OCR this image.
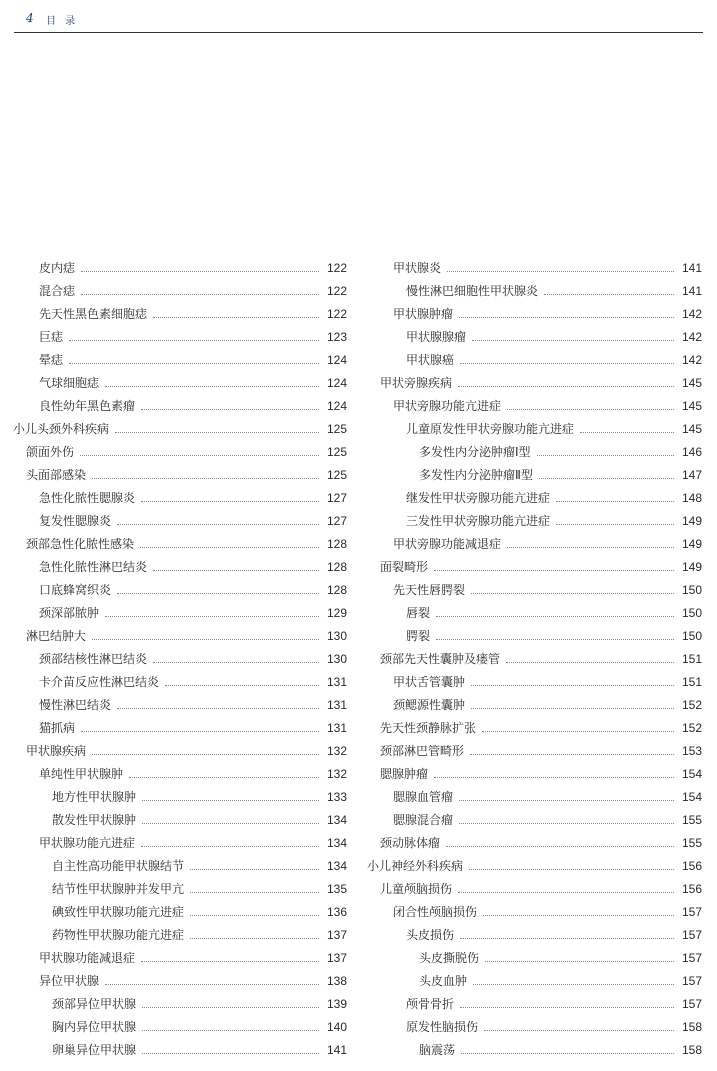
4 目 录
皮内痣	122
混合痣	122
先天性黑色素细胞痣	122
巨痣	123
晕痣	124
气球细胞痣	124
良性幼年黑色素瘤	124
小儿头颈外科疾病	125
颌面外伤	125
头面部感染	125
急性化脓性腮腺炎	127
复发性腮腺炎	127
颈部急性化脓性感染	128
急性化脓性淋巴结炎	128
口底蜂窝织炎	128
颈深部脓肿	129
淋巴结肿大	130
颈部结核性淋巴结炎	130
卡介苗反应性淋巴结炎	131
慢性淋巴结炎	131
猫抓病	131
甲状腺疾病	132
单纯性甲状腺肿	132
地方性甲状腺肿	133
散发性甲状腺肿	134
甲状腺功能亢进症	134
自主性高功能甲状腺结节	134
结节性甲状腺肿并发甲亢	135
碘致性甲状腺功能亢进症	136
药物性甲状腺功能亢进症	137
甲状腺功能减退症	137
异位甲状腺	138
颈部异位甲状腺	139
胸内异位甲状腺	140
卵巢异位甲状腺	141
甲状腺炎	141
慢性淋巴细胞性甲状腺炎	141
甲状腺肿瘤	142
甲状腺腺瘤	142
甲状腺癌	142
甲状旁腺疾病	145
甲状旁腺功能亢进症	145
儿童原发性甲状旁腺功能亢进症	145
多发性内分泌肿瘤Ⅰ型	146
多发性内分泌肿瘤Ⅱ型	147
继发性甲状旁腺功能亢进症	148
三发性甲状旁腺功能亢进症	149
甲状旁腺功能减退症	149
面裂畸形	149
先天性唇腭裂	150
唇裂	150
腭裂	150
颈部先天性囊肿及瘘管	151
甲状舌管囊肿	151
颈鳃源性囊肿	152
先天性颈静脉扩张	152
颈部淋巴管畸形	153
腮腺肿瘤	154
腮腺血管瘤	154
腮腺混合瘤	155
颈动脉体瘤	155
小儿神经外科疾病	156
儿童颅脑损伤	156
闭合性颅脑损伤	157
头皮损伤	157
头皮撕脱伤	157
头皮血肿	157
颅骨骨折	157
原发性脑损伤	158
脑震荡	158
